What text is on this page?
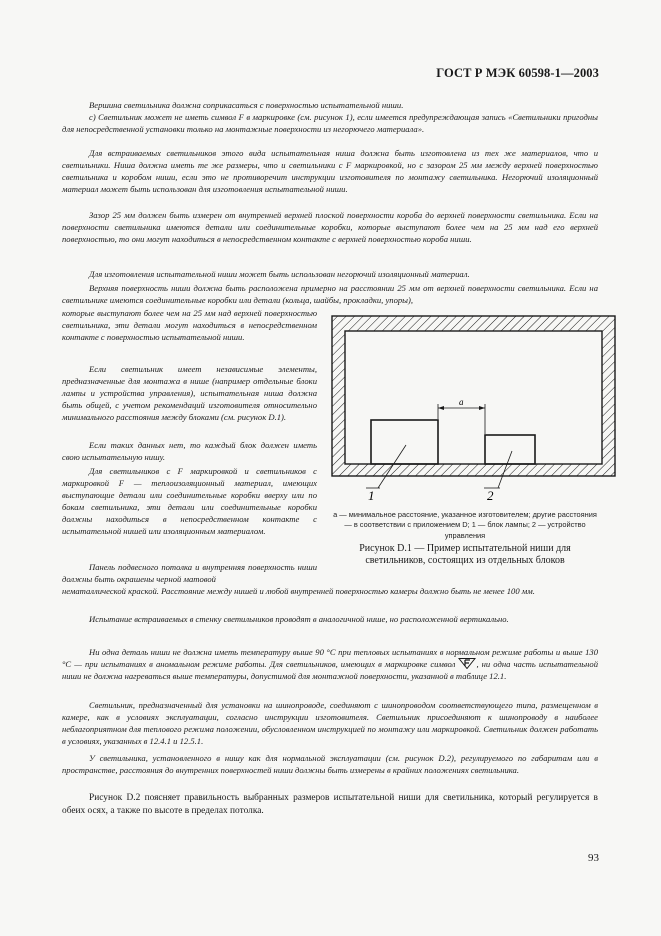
ГОСТ Р МЭК 60598-1—2003

Вершина светильника должна соприкасаться с поверхностью испытательной ниши.

c) Светильник может не иметь символ F в маркировке (см. рисунок 1), если имеется предупреждающая запись «Светильники пригодны для непосредственной установки только на монтажные поверхности из негорючего материала».

Для встраиваемых светильников этого вида испытательная ниша должна быть изготовлена из тех же материалов, что и светильники. Ниша должна иметь те же размеры, что и светильники с F маркировкой, но с зазором 25 мм между верхней поверхностью светильника и коробом ниши, если это не противоречит инструкции изготовителя по монтажу светильника. Негорючий изоляционный материал может быть использован для изготовления испытательной ниши.

Зазор 25 мм должен быть измерен от внутренней верхней плоской поверхности короба до верхней поверхности светильника. Если на поверхности светильника имеются детали или соединительные коробки, которые выступают более чем на 25 мм над его верхней поверхностью, то они могут находиться в непосредственном контакте с верхней поверхностью короба ниши.

Для изготовления испытательной ниши может быть использован негорючий изоляционный материал.

Верхняя поверхность ниши должна быть расположена примерно на расстоянии 25 мм от верхней поверхности светильника. Если на светильнике имеются соединительные коробки или детали (кольца, шайбы, прокладки, упоры),

которые выступают более чем на 25 мм над верхней поверхностью светильника, эти детали могут находиться в непосредственном контакте с поверхностью испытательной ниши.

Если светильник имеет независимые элементы, предназначенные для монтажа в нише (например отдельные блоки лампы и устройства управления), испытательная ниша должна быть общей, с учетом рекомендаций изготовителя относительно минимального расстояния между блоками (см. рисунок D.1).

Если таких данных нет, то каждый блок должен иметь свою испытательную нишу.

Для светильников с F маркировкой и светильников с маркировкой F — теплоизоляционный материал, имеющих выступающие детали или соединительные коробки вверху или по бокам светильника, эти детали или соединительные коробки должны находиться в непосредственном контакте с испытательной нишей или изоляционным материалом.

Панель подвесного потолка и внутренняя поверхность ниши должны быть окрашены черной матовой

a
1	2
a — минимальное расстояние, указанное изготовителем; другие расстояния — в соответствии с приложением D; 1 — блок лампы; 2 — устройство управления
Рисунок D.1 — Пример испытательной ниши для светильников, состоящих из отдельных блоков

нематаллической краской. Расстояние между нишей и любой внутренней поверхностью камеры должно быть не менее 100 мм.

Испытание встраиваемых в стенку светильников проводят в аналогичной нише, но расположенной вертикально.

Ни одна деталь ниши не должна иметь температуру выше 90 °С при тепловых испытаниях в нормальном режиме работы и выше 130 °С — при испытаниях в аномальном режиме работы. Для светильников, имеющих в маркировке символ , ни одна часть испытательной ниши не должна нагреваться выше температуры, допустимой для монтажной поверхности, указанной в таблице 12.1.

Светильник, предназначенный для установки на шинопроводе, соединяют с шинопроводом соответствующего типа, размещенном в камере, как в условиях эксплуатации, согласно инструкции изготовителя. Светильник присоединяют к шинопроводу в наиболее неблагоприятном для теплового режима положении, обусловленном инструкцией по монтажу или маркировкой. Светильник должен работать в условиях, указанных в 12.4.1 и 12.5.1.

У светильника, установленного в нишу как для нормальной эксплуатации (см. рисунок D.2), регулируемого по габаритам или в пространстве, расстояния до внутренних поверхностей ниши должны быть измерены в крайних положениях светильника.

Рисунок D.2 поясняет правильность выбранных размеров испытательной ниши для светильника, который регулируется в обеих осях, а также по высоте в пределах потолка.

93
